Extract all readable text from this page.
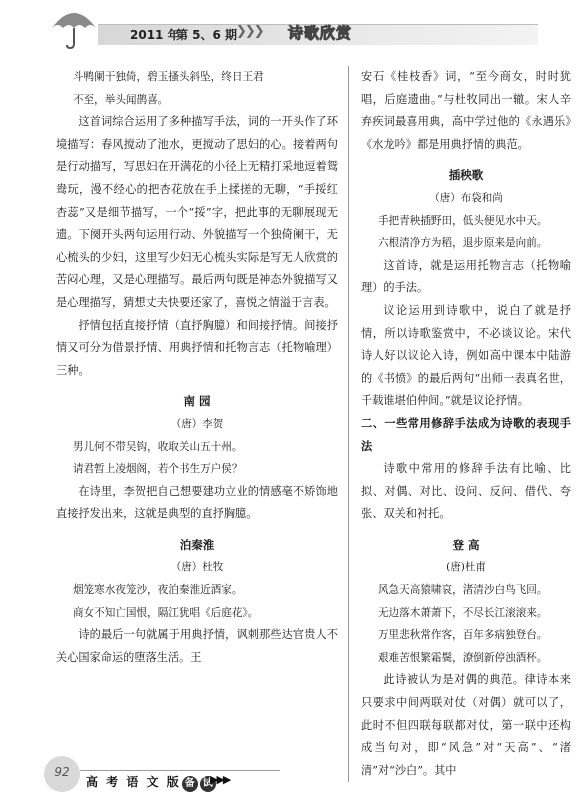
2011 年
第 5、6 期
❯❯❯ 诗歌欣赏

斗鸭阑干独倚，碧玉搔头斜坠，终日王君

不至，举头闻鹊喜。

这首词综合运用了多种描写手法，词的一开头作了环境描写：春风搅动了池水，更搅动了思妇的心。接着两句是行动描写，写思妇在开满花的小径上无精打采地逗着鸳鸯玩，漫不经心的把杏花放在手上揉搓的无聊，“手挼红杏蕊”又是细节描写，一个“挼”字，把此事的无聊展现无遗。下阕开头两句运用行动、外貌描写一个独倚阑干，无心梳头的少妇，这里写少妇无心梳头实际是写无人欣赏的苦闷心理，又是心理描写。最后两句既是神态外貌描写又是心理描写，猜想丈夫快要还家了，喜悦之情溢于言表。

抒情包括直接抒情（直抒胸臆）和间接抒情。间接抒情又可分为借景抒情、用典抒情和托物言志（托物喻理）三种。

南 园
（唐）李贺

男儿何不带吴钩，收取关山五十州。

请君暂上凌烟阁，若个书生万户侯？

在诗里，李贺把自己想要建功立业的情感毫不矫饰地直接抒发出来，这就是典型的直抒胸臆。

泊秦淮
（唐）杜牧

烟笼寒水夜笼沙，夜泊秦淮近酒家。

商女不知亡国恨，隔江犹唱《后庭花》。

诗的最后一句就属于用典抒情，讽刺那些达官贵人不关心国家命运的堕落生活。王

安石《桂枝香》词，“至今商女，时时犹唱，后庭遗曲。”与杜牧同出一辙。宋人辛弃疾词最喜用典，高中学过他的《永遇乐》《水龙吟》都是用典抒情的典范。

插秧歌
（唐）布袋和尚

手把青秧插野田，低头便见水中天。

六根清净方为稻，退步原来是向前。

这首诗，就是运用托物言志（托物喻理）的手法。

议论运用到诗歌中，说白了就是抒情，所以诗歌鉴赏中，不必谈议论。宋代诗人好以议论入诗，例如高中课本中陆游的《书愤》的最后两句“出师一表真名世，千载谁堪伯仲间。”就是议论抒情。

二、一些常用修辞手法成为诗歌的表现手法

诗歌中常用的修辞手法有比喻、比拟、对偶、对比、设问、反问、借代、夸张、双关和衬托。

登 高
(唐)杜甫

风急天高猿啸哀，渚清沙白鸟飞回。

无边落木萧萧下，不尽长江滚滚来。

万里悲秋常作客，百年多病独登台。

艰难苦恨繁霜鬓，潦倒新停浊酒杯。

此诗被认为是对偶的典范。律诗本来只要求中间两联对仗（对偶）就可以了，此时不但四联每联都对仗，第一联中还构成当句对，即“风急”对“天高”、“渚清”对“沙白”。其中

92
高 考 语 文 版 备 试
▶▶▶
